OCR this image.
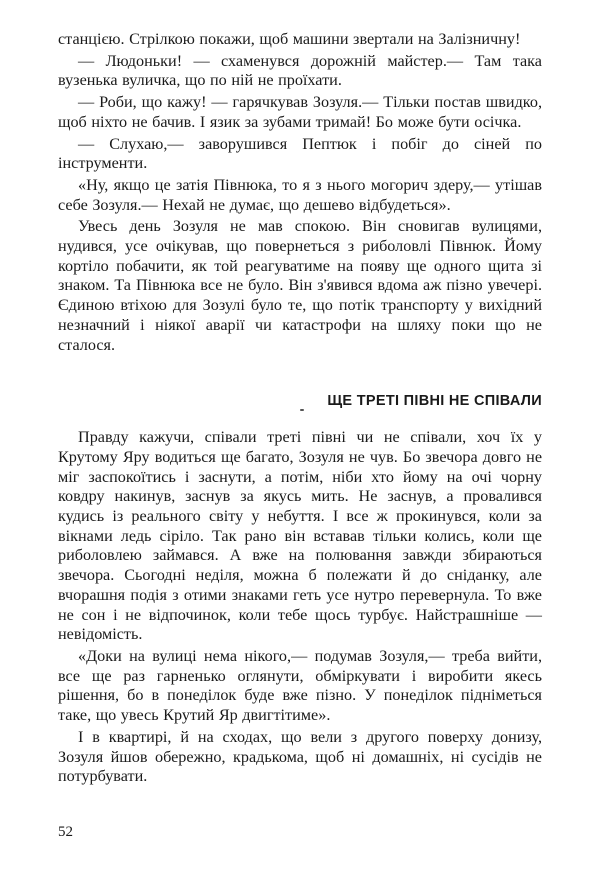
станцією. Стрілкою покажи, щоб машини звертали на Залізничну!

— Людоньки! — схаменувся дорожній майстер.— Там така вузенька вуличка, що по ній не проїхати.

— Роби, що кажу! — гарячкував Зозуля.— Тільки постав швидко, щоб ніхто не бачив. І язик за зубами тримай! Бо може бути осічка.

— Слухаю,— заворушився Пептюк і побіг до сіней по інструменти.

«Ну, якщо це затія Півнюка, то я з нього могорич здеру,— утішав себе Зозуля.— Нехай не думає, що дешево відбудеться».

Увесь день Зозуля не мав спокою. Він сновигав вулицями, нудився, усе очікував, що повернеться з риболовлі Півнюк. Йому кортіло побачити, як той реагуватиме на появу ще одного щита зі знаком. Та Півнюка все не було. Він з'явився вдома аж пізно увечері. Єдиною втіхою для Зозулі було те, що потік транспорту у вихідний незначний і ніякої аварії чи катастрофи на шляху поки що не сталося.

ЩЕ ТРЕТІ ПІВНІ НЕ СПІВАЛИ

Правду кажучи, співали треті півні чи не співали, хоч їх у Крутому Яру водиться ще багато, Зозуля не чув. Бо звечора довго не міг заспокоїтись і заснути, а потім, ніби хто йому на очі чорну ковдру накинув, заснув за якусь мить. Не заснув, а провалився кудись із реального світу у небуття. І все ж прокинувся, коли за вікнами ледь сіріло. Так рано він вставав тільки колись, коли ще риболовлею займався. А вже на полювання завжди збираються звечора. Сьогодні неділя, можна б полежати й до сніданку, але вчорашня подія з отими знаками геть усе нутро перевернула. То вже не сон і не відпочинок, коли тебе щось турбує. Найстрашніше — невідомість.

«Доки на вулиці нема нікого,— подумав Зозуля,— треба вийти, все ще раз гарненько оглянути, обміркувати і виробити якесь рішення, бо в понеділок буде вже пізно. У понеділок підніметься таке, що увесь Крутий Яр двигтітиме».

І в квартирі, й на сходах, що вели з другого поверху донизу, Зозуля йшов обережно, крадькома, щоб ні домашніх, ні сусідів не потурбувати.

52
